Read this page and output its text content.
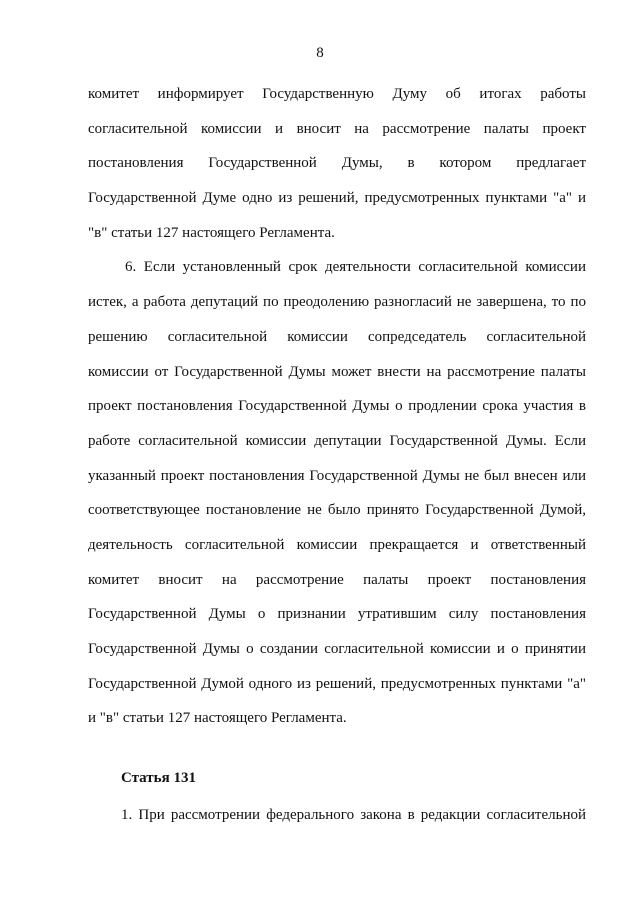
8
комитет информирует Государственную Думу об итогах работы
согласительной комиссии и вносит на рассмотрение палаты проект
постановления Государственной Думы, в котором предлагает
Государственной Думе одно из решений, предусмотренных пунктами "а" и
"в" статьи 127 настоящего Регламента.
6. Если установленный срок деятельности согласительной комиссии
истек, а работа депутаций по преодолению разногласий не завершена, то по
решению согласительной комиссии сопредседатель согласительной
комиссии от Государственной Думы может внести на рассмотрение палаты
проект постановления Государственной Думы о продлении срока участия в
работе согласительной комиссии депутации Государственной Думы. Если
указанный проект постановления Государственной Думы не был внесен или
соответствующее постановление не было принято Государственной Думой,
деятельность согласительной комиссии прекращается и ответственный
комитет вносит на рассмотрение палаты проект постановления
Государственной Думы о признании утратившим силу постановления
Государственной Думы о создании согласительной комиссии и о принятии
Государственной Думой одного из решений, предусмотренных пунктами "а"
и "в" статьи 127 настоящего Регламента.
Статья 131
1. При рассмотрении федерального закона в редакции согласительной
